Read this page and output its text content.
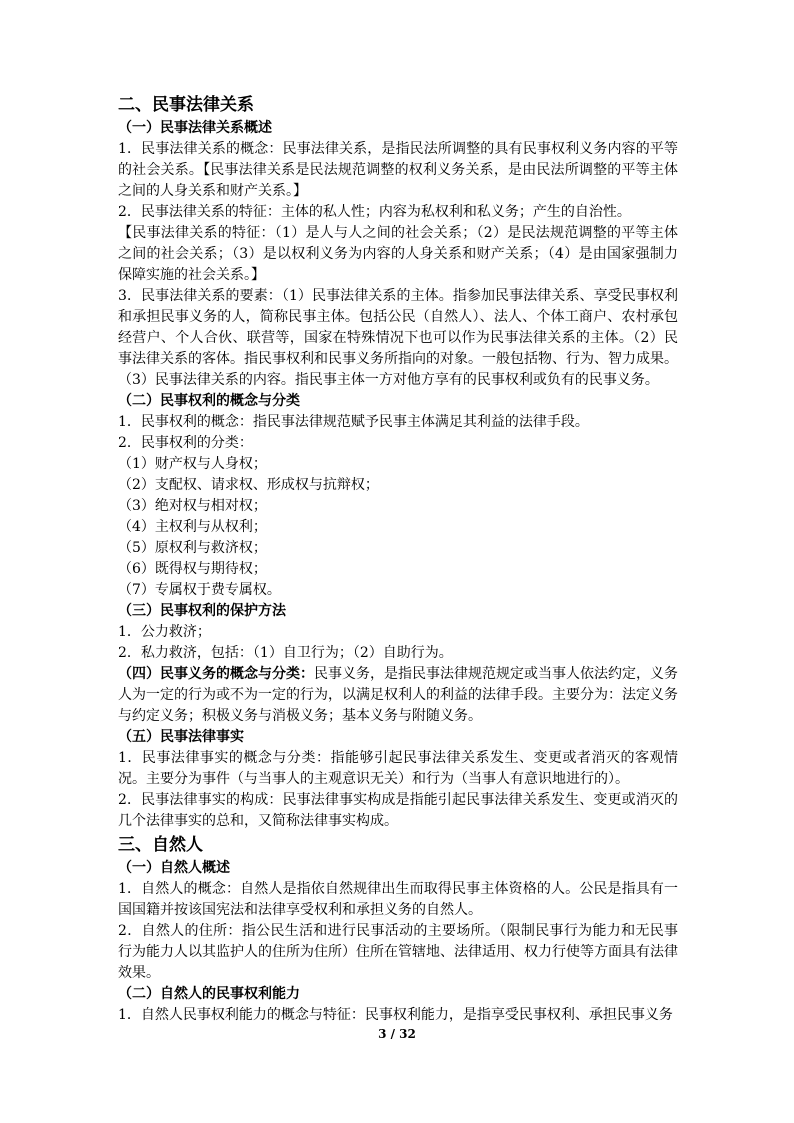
二、民事法律关系

（一）民事法律关系概述

1．民事法律关系的概念：民事法律关系，是指民法所调整的具有民事权利义务内容的平等的社会关系。【民事法律关系是民法规范调整的权利义务关系，是由民法所调整的平等主体之间的人身关系和财产关系。】

2．民事法律关系的特征：主体的私人性；内容为私权利和私义务；产生的自治性。

【民事法律关系的特征：（1）是人与人之间的社会关系；（2）是民法规范调整的平等主体之间的社会关系；（3）是以权利义务为内容的人身关系和财产关系；（4）是由国家强制力保障实施的社会关系。】

3．民事法律关系的要素：（1）民事法律关系的主体。指参加民事法律关系、享受民事权利和承担民事义务的人，简称民事主体。包括公民（自然人）、法人、个体工商户、农村承包经营户、个人合伙、联营等，国家在特殊情况下也可以作为民事法律关系的主体。（2）民事法律关系的客体。指民事权利和民事义务所指向的对象。一般包括物、行为、智力成果。（3）民事法律关系的内容。指民事主体一方对他方享有的民事权利或负有的民事义务。

（二）民事权利的概念与分类

1．民事权利的概念：指民事法律规范赋予民事主体满足其利益的法律手段。

2．民事权利的分类：

（1）财产权与人身权；

（2）支配权、请求权、形成权与抗辩权；

（3）绝对权与相对权；

（4）主权利与从权利；

（5）原权利与救济权；

（6）既得权与期待权；

（7）专属权于费专属权。

（三）民事权利的保护方法

1．公力救济；

2．私力救济，包括：（1）自卫行为；（2）自助行为。

（四）民事义务的概念与分类：民事义务，是指民事法律规范规定或当事人依法约定，义务人为一定的行为或不为一定的行为，以满足权利人的利益的法律手段。主要分为：法定义务与约定义务；积极义务与消极义务；基本义务与附随义务。

（五）民事法律事实

1．民事法律事实的概念与分类：指能够引起民事法律关系发生、变更或者消灭的客观情况。主要分为事件（与当事人的主观意识无关）和行为（当事人有意识地进行的）。

2．民事法律事实的构成：民事法律事实构成是指能引起民事法律关系发生、变更或消灭的几个法律事实的总和，又简称法律事实构成。

三、自然人

（一）自然人概述

1．自然人的概念：自然人是指依自然规律出生而取得民事主体资格的人。公民是指具有一国国籍并按该国宪法和法律享受权利和承担义务的自然人。

2．自然人的住所：指公民生活和进行民事活动的主要场所。（限制民事行为能力和无民事行为能力人以其监护人的住所为住所）住所在管辖地、法律适用、权力行使等方面具有法律效果。

（二）自然人的民事权利能力

1．自然人民事权利能力的概念与特征：民事权利能力，是指享受民事权利、承担民事义务

3 / 32
